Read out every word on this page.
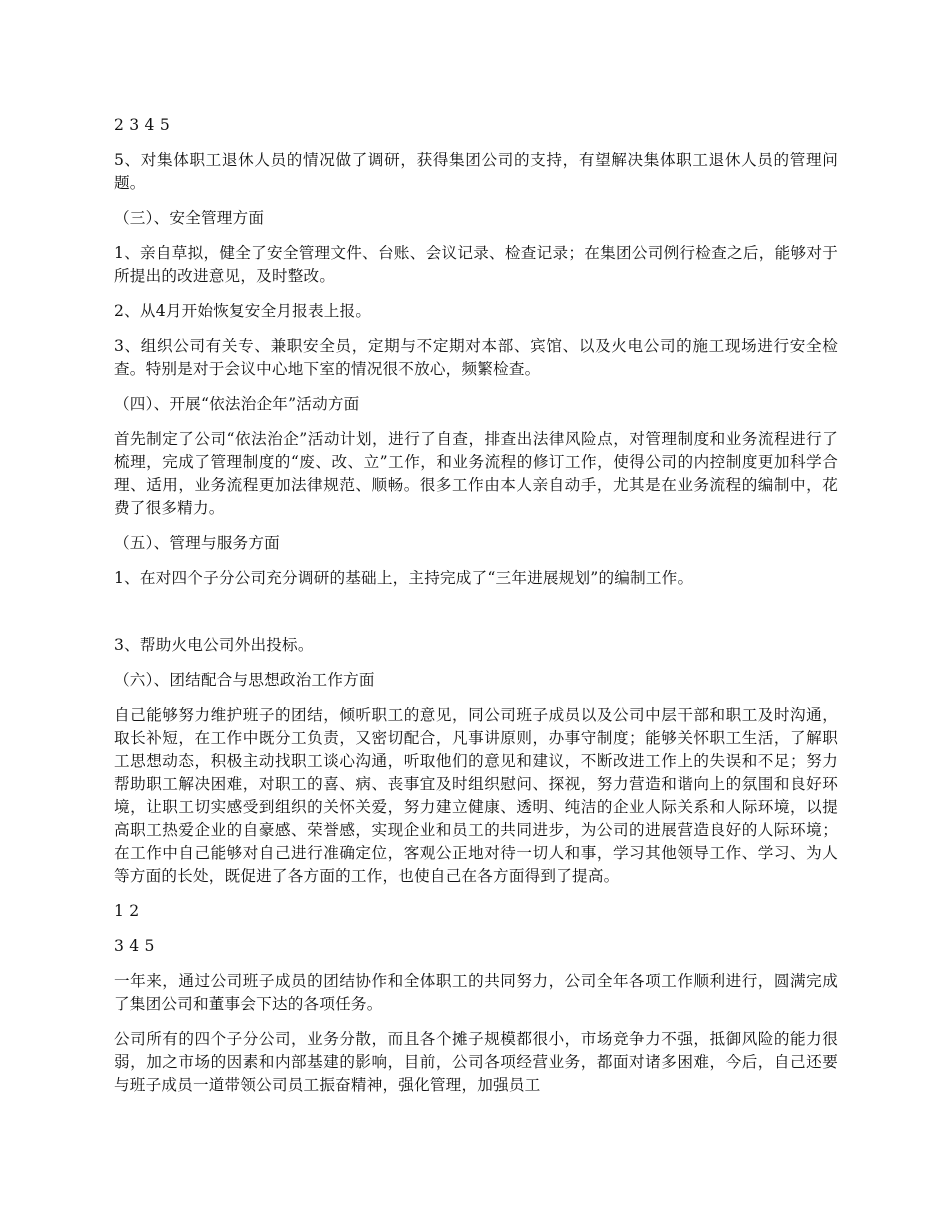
2 3 4 5

5、对集体职工退休人员的情况做了调研，获得集团公司的支持，有望解决集体职工退休人员的管理问题。

（三）、安全管理方面

1、亲自草拟，健全了安全管理文件、台账、会议记录、检查记录；在集团公司例行检查之后，能够对于所提出的改进意见，及时整改。

2、从4月开始恢复安全月报表上报。

3、组织公司有关专、兼职安全员，定期与不定期对本部、宾馆、以及火电公司的施工现场进行安全检查。特别是对于会议中心地下室的情况很不放心，频繁检查。

（四）、开展“依法治企年”活动方面

首先制定了公司“依法治企”活动计划，进行了自查，排查出法律风险点，对管理制度和业务流程进行了梳理，完成了管理制度的“废、改、立”工作，和业务流程的修订工作，使得公司的内控制度更加科学合理、适用，业务流程更加法律规范、顺畅。很多工作由本人亲自动手，尤其是在业务流程的编制中，花费了很多精力。

（五）、管理与服务方面

1、在对四个子分公司充分调研的基础上，主持完成了“三年进展规划”的编制工作。

3、帮助火电公司外出投标。

（六）、团结配合与思想政治工作方面

自己能够努力维护班子的团结，倾听职工的意见，同公司班子成员以及公司中层干部和职工及时沟通，取长补短，在工作中既分工负责，又密切配合，凡事讲原则，办事守制度；能够关怀职工生活，了解职工思想动态，积极主动找职工谈心沟通，听取他们的意见和建议，不断改进工作上的失误和不足；努力帮助职工解决困难，对职工的喜、病、丧事宜及时组织慰问、探视，努力营造和谐向上的氛围和良好环境，让职工切实感受到组织的关怀关爱，努力建立健康、透明、纯洁的企业人际关系和人际环境，以提高职工热爱企业的自豪感、荣誉感，实现企业和员工的共同进步，为公司的进展营造良好的人际环境；在工作中自己能够对自己进行准确定位，客观公正地对待一切人和事，学习其他领导工作、学习、为人等方面的长处，既促进了各方面的工作，也使自己在各方面得到了提高。

1 2

3 4 5

一年来，通过公司班子成员的团结协作和全体职工的共同努力，公司全年各项工作顺利进行，圆满完成了集团公司和董事会下达的各项任务。

公司所有的四个子分公司，业务分散，而且各个摊子规模都很小，市场竞争力不强，抵御风险的能力很弱，加之市场的因素和内部基建的影响，目前，公司各项经营业务，都面对诸多困难，今后，自己还要与班子成员一道带领公司员工振奋精神，强化管理，加强员工
